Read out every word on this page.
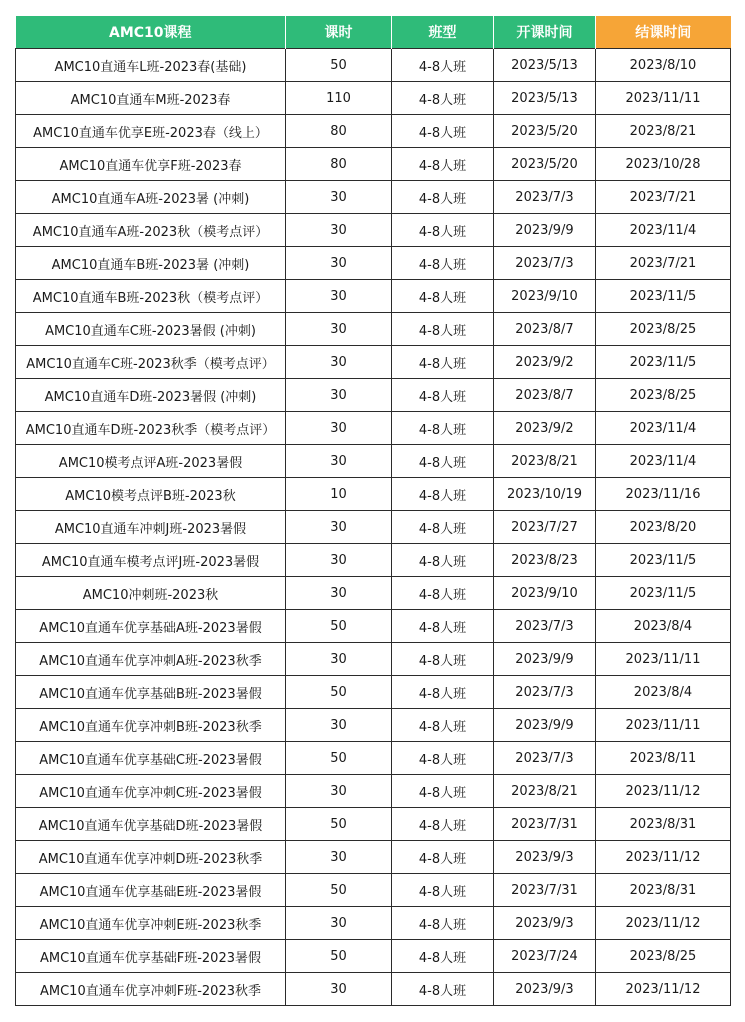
AMC10课程	课时	班型	开课时间	结课时间
AMC10直通车L班-2023春(基础)	50	4-8人班	2023/5/13	2023/8/10
AMC10直通车M班-2023春	110	4-8人班	2023/5/13	2023/11/11
AMC10直通车优享E班-2023春（线上）	80	4-8人班	2023/5/20	2023/8/21
AMC10直通车优享F班-2023春	80	4-8人班	2023/5/20	2023/10/28
AMC10直通车A班-2023暑 (冲刺)	30	4-8人班	2023/7/3	2023/7/21
AMC10直通车A班-2023秋（模考点评）	30	4-8人班	2023/9/9	2023/11/4
AMC10直通车B班-2023暑 (冲刺)	30	4-8人班	2023/7/3	2023/7/21
AMC10直通车B班-2023秋（模考点评）	30	4-8人班	2023/9/10	2023/11/5
AMC10直通车C班-2023暑假 (冲刺)	30	4-8人班	2023/8/7	2023/8/25
AMC10直通车C班-2023秋季（模考点评）	30	4-8人班	2023/9/2	2023/11/5
AMC10直通车D班-2023暑假 (冲刺)	30	4-8人班	2023/8/7	2023/8/25
AMC10直通车D班-2023秋季（模考点评）	30	4-8人班	2023/9/2	2023/11/4
AMC10模考点评A班-2023暑假	30	4-8人班	2023/8/21	2023/11/4
AMC10模考点评B班-2023秋	10	4-8人班	2023/10/19	2023/11/16
AMC10直通车冲刺J班-2023暑假	30	4-8人班	2023/7/27	2023/8/20
AMC10直通车模考点评J班-2023暑假	30	4-8人班	2023/8/23	2023/11/5
AMC10冲刺班-2023秋	30	4-8人班	2023/9/10	2023/11/5
AMC10直通车优享基础A班-2023暑假	50	4-8人班	2023/7/3	2023/8/4
AMC10直通车优享冲刺A班-2023秋季	30	4-8人班	2023/9/9	2023/11/11
AMC10直通车优享基础B班-2023暑假	50	4-8人班	2023/7/3	2023/8/4
AMC10直通车优享冲刺B班-2023秋季	30	4-8人班	2023/9/9	2023/11/11
AMC10直通车优享基础C班-2023暑假	50	4-8人班	2023/7/3	2023/8/11
AMC10直通车优享冲刺C班-2023暑假	30	4-8人班	2023/8/21	2023/11/12
AMC10直通车优享基础D班-2023暑假	50	4-8人班	2023/7/31	2023/8/31
AMC10直通车优享冲刺D班-2023秋季	30	4-8人班	2023/9/3	2023/11/12
AMC10直通车优享基础E班-2023暑假	50	4-8人班	2023/7/31	2023/8/31
AMC10直通车优享冲刺E班-2023秋季	30	4-8人班	2023/9/3	2023/11/12
AMC10直通车优享基础F班-2023暑假	50	4-8人班	2023/7/24	2023/8/25
AMC10直通车优享冲刺F班-2023秋季	30	4-8人班	2023/9/3	2023/11/12
